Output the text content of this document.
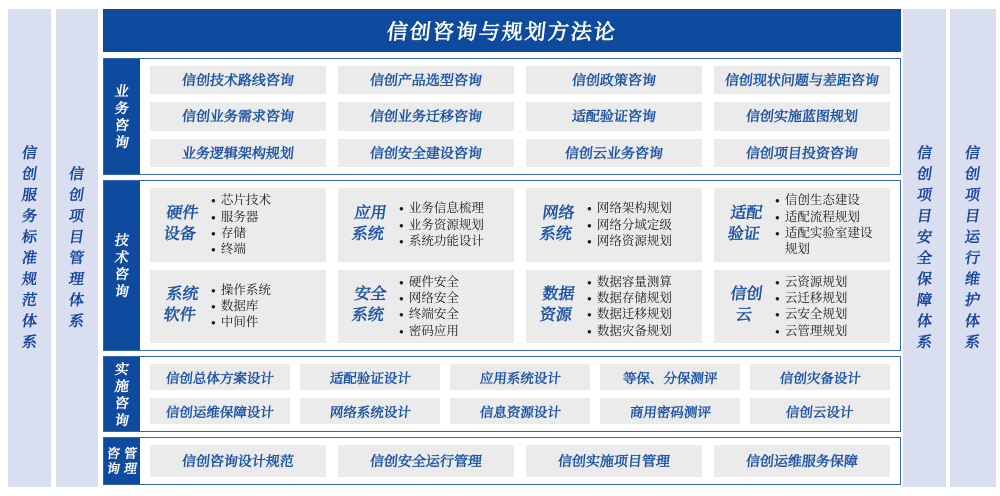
信
创
服
务
标
准
规
范
体
系
信
创
项
目
管
理
体
系
信
创
项
目
安
全
保
障
体
系
信
创
项
目
运
行
维
护
体
系
信创咨询与规划方法论
业
务
咨
询
信创技术路线咨询	信创产品选型咨询	信创政策咨询	信创现状问题与差距咨询
信创业务需求咨询	信创业务迁移咨询	适配验证咨询	信创实施蓝图规划
业务逻辑架构规划	信创安全建设咨询	信创云业务咨询	信创项目投资咨询
技
术
咨
询
硬件设备
● 芯片技术
● 服务器
● 存储
● 终端
应用系统
● 业务信息梳理
● 业务资源规划
● 系统功能设计
网络系统
● 网络架构规划
● 网络分域定级
● 网络资源规划
适配验证
● 信创生态建设
● 适配流程规划
● 适配实验室建设规划
系统软件
● 操作系统
● 数据库
● 中间件
安全系统
● 硬件安全
● 网络安全
● 终端安全
● 密码应用
数据资源
● 数据容量测算
● 数据存储规划
● 数据迁移规划
● 数据灾备规划
信创云
● 云资源规划
● 云迁移规划
● 云安全规划
● 云管理规划
实
施
咨
询
信创总体方案设计	适配验证设计	应用系统设计	等保、分保测评	信创灾备设计
信创运维保障设计	网络系统设计	信息资源设计	商用密码测评	信创云设计
咨
询
管
理	信创咨询设计规范	信创安全运行管理	信创实施项目管理	信创运维服务保障
